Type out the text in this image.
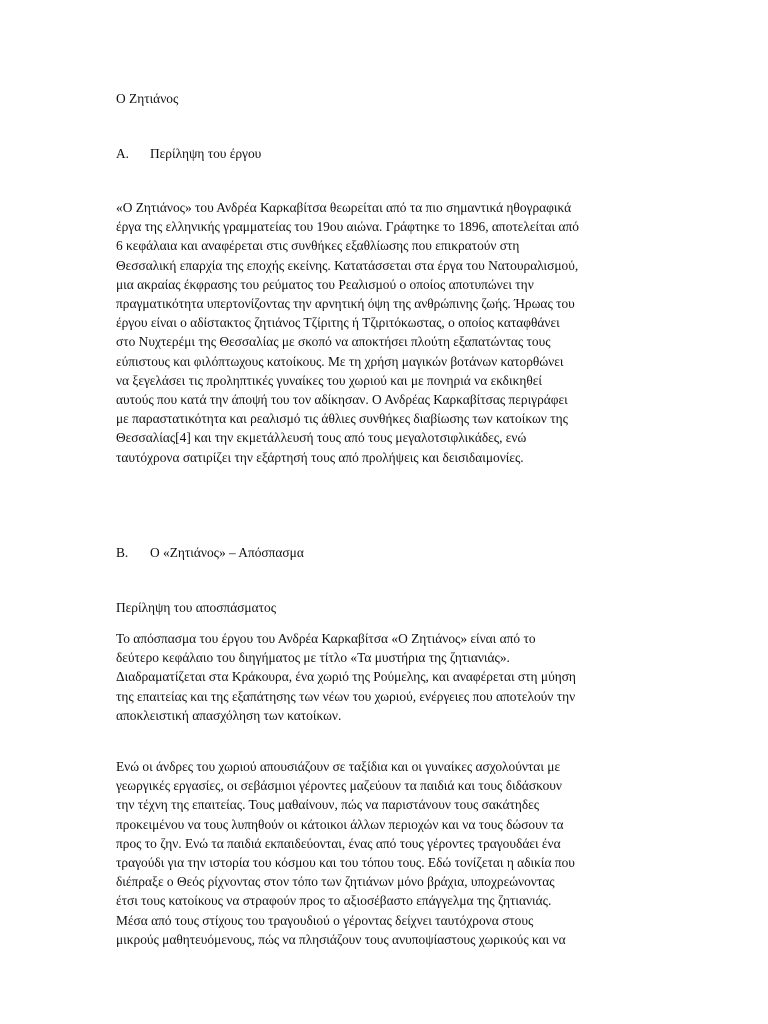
Ο Ζητιάνος
Α. Περίληψη του έργου

«Ο Ζητιάνος» του Ανδρέα Καρκαβίτσα θεωρείται από τα πιο σημαντικά ηθογραφικά
έργα της ελληνικής γραμματείας του 19ου αιώνα. Γράφτηκε το 1896, αποτελείται από
6 κεφάλαια και αναφέρεται στις συνθήκες εξαθλίωσης που επικρατούν στη
Θεσσαλική επαρχία της εποχής εκείνης. Κατατάσσεται στα έργα του Νατουραλισμού,
μια ακραίας έκφρασης του ρεύματος του Ρεαλισμού ο οποίος αποτυπώνει την
πραγματικότητα υπερτονίζοντας την αρνητική όψη της ανθρώπινης ζωής. Ήρωας του
έργου είναι ο αδίστακτος ζητιάνος Τζίριτης ή Τζιριτόκωστας, ο οποίος καταφθάνει
στο Νυχτερέμι της Θεσσαλίας με σκοπό να αποκτήσει πλούτη εξαπατώντας τους
εύπιστους και φιλόπτωχους κατοίκους. Με τη χρήση μαγικών βοτάνων κατορθώνει
να ξεγελάσει τις προληπτικές γυναίκες του χωριού και με πονηριά να εκδικηθεί
αυτούς που κατά την άποψή του τον αδίκησαν. Ο Ανδρέας Καρκαβίτσας περιγράφει
με παραστατικότητα και ρεαλισμό τις άθλιες συνθήκες διαβίωσης των κατοίκων της
Θεσσαλίας[4] και την εκμετάλλευσή τους από τους μεγαλοτσιφλικάδες, ενώ
ταυτόχρονα σατιρίζει την εξάρτησή τους από προλήψεις και δεισιδαιμονίες.

Β. Ο «Ζητιάνος» – Απόσπασμα
Περίληψη του αποσπάσματος

Το απόσπασμα του έργου του Ανδρέα Καρκαβίτσα «Ο Ζητιάνος» είναι από το
δεύτερο κεφάλαιο του διηγήματος με τίτλο «Τα μυστήρια της ζητιανιάς».
Διαδραματίζεται στα Κράκουρα, ένα χωριό της Ρούμελης, και αναφέρεται στη μύηση
της επαιτείας και της εξαπάτησης των νέων του χωριού, ενέργειες που αποτελούν την
αποκλειστική απασχόληση των κατοίκων.

Ενώ οι άνδρες του χωριού απουσιάζουν σε ταξίδια και οι γυναίκες ασχολούνται με
γεωργικές εργασίες, οι σεβάσμιοι γέροντες μαζεύουν τα παιδιά και τους διδάσκουν
την τέχνη της επαιτείας. Τους μαθαίνουν, πώς να παριστάνουν τους σακάτηδες
προκειμένου να τους λυπηθούν οι κάτοικοι άλλων περιοχών και να τους δώσουν τα
προς το ζην. Ενώ τα παιδιά εκπαιδεύονται, ένας από τους γέροντες τραγουδάει ένα
τραγούδι για την ιστορία του κόσμου και του τόπου τους. Εδώ τονίζεται η αδικία που
διέπραξε ο Θεός ρίχνοντας στον τόπο των ζητιάνων μόνο βράχια, υποχρεώνοντας
έτσι τους κατοίκους να στραφούν προς το αξιοσέβαστο επάγγελμα της ζητιανιάς.
Μέσα από τους στίχους του τραγουδιού ο γέροντας δείχνει ταυτόχρονα στους
μικρούς μαθητευόμενους, πώς να πλησιάζουν τους ανυποψίαστους χωρικούς και να
